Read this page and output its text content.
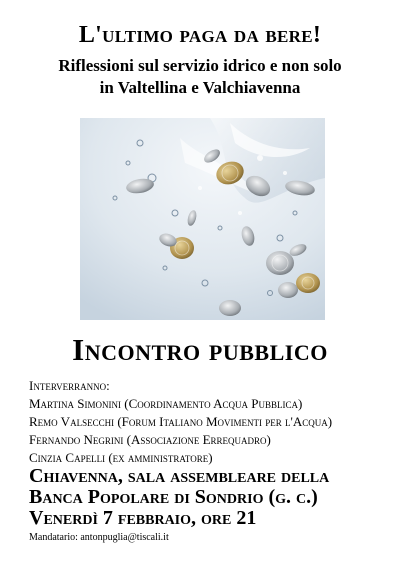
L'ultimo paga da bere!
Riflessioni sul servizio idrico e non solo
in Valtellina e Valchiavenna
Incontro pubblico
Interverranno:
Martina Simonini (Coordinamento Acqua Pubblica)
Remo Valsecchi (Forum Italiano Movimenti per l'Acqua)
Fernando Negrini (Associazione Errequadro)
Cinzia Capelli (ex amministratore)
Chiavenna, sala assembleare della
Banca Popolare di Sondrio (g. c.)
Venerdì 7 febbraio, ore 21
Mandatario: antonpuglia@tiscali.it
